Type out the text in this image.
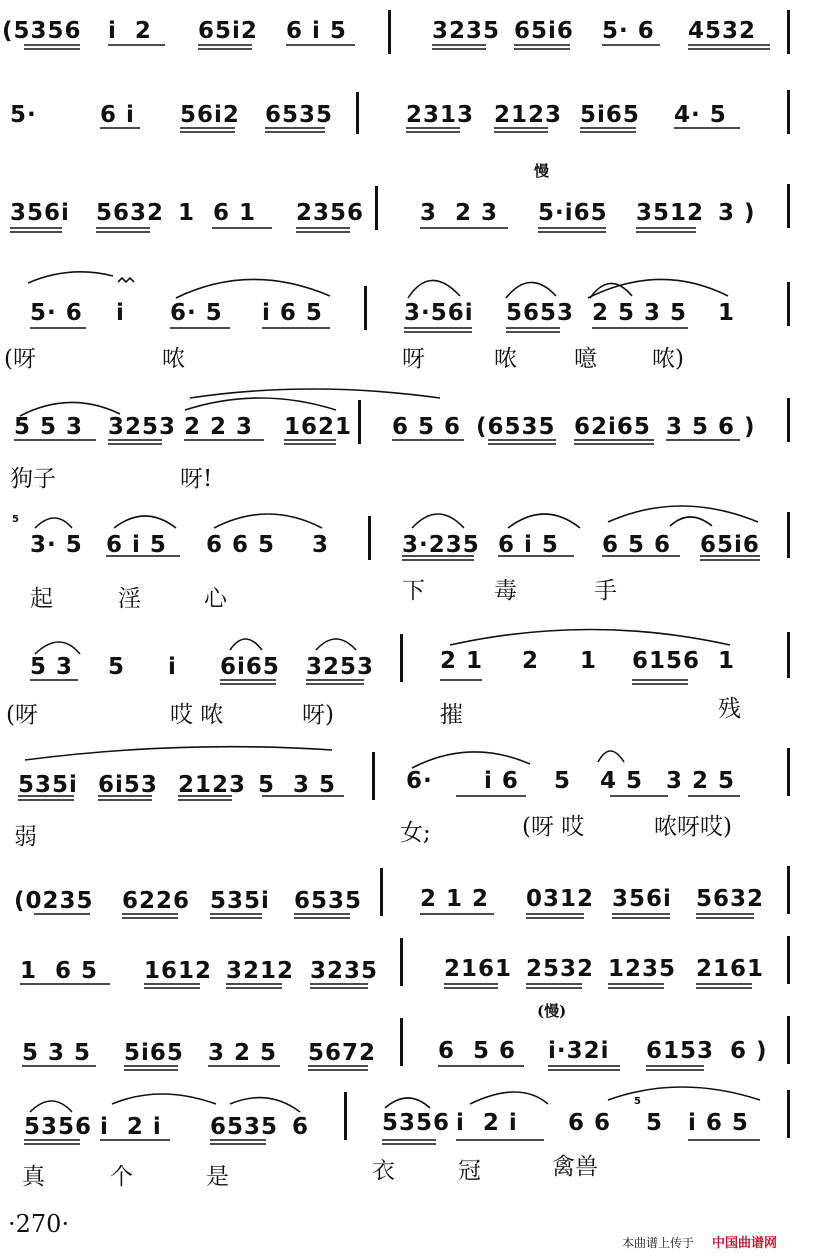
慢
(慢)
5
5
(5356 i  2 65i2 6 i 5	3235 65i6 5· 6 4532
5·	6 i 56i2 6535	2313 2123 5i65 4· 5
356i 5632 1  6 1 2356 3  2 3 5·i65 3512 3 )
5· 6 i 6· 5 i 6 5	3·56i 5653 2 5 3 5 1
(呀	哝	呀	哝 噫 哝)
5 5 3 3253 2 2 3 1621 6 5 6 (6535 62i65 3 5 6 )
狗子	呀!
3· 5 6 i 5 6 6 5 3	3·235 6 i 5 6 5 6 65i6
起	淫	心	下	毒	手
5 3 5 i 6i65 3253	2 1 2 1 6156 1
(呀	哎 哝	呀)	摧	残
535i 6i53 2123 5  3 5	6· i 6 5 4 5 3 2 5
弱	女;	(呀 哎	哝呀哎)
(0235 6226 535i 6535	2 1 2 0312 356i 5632
1  6 5 1612 3212 3235	2161 2532 1235 2161
5 3 5 5i65 3 2 5 5672	6  5 6 i·32i 6153 6 )
5356 i  2 i 6535 6	5356 i  2 i 6 6 5 i 6 5
真	个	是	衣	冠	禽兽
·270·
本曲谱上传于 中国曲谱网
